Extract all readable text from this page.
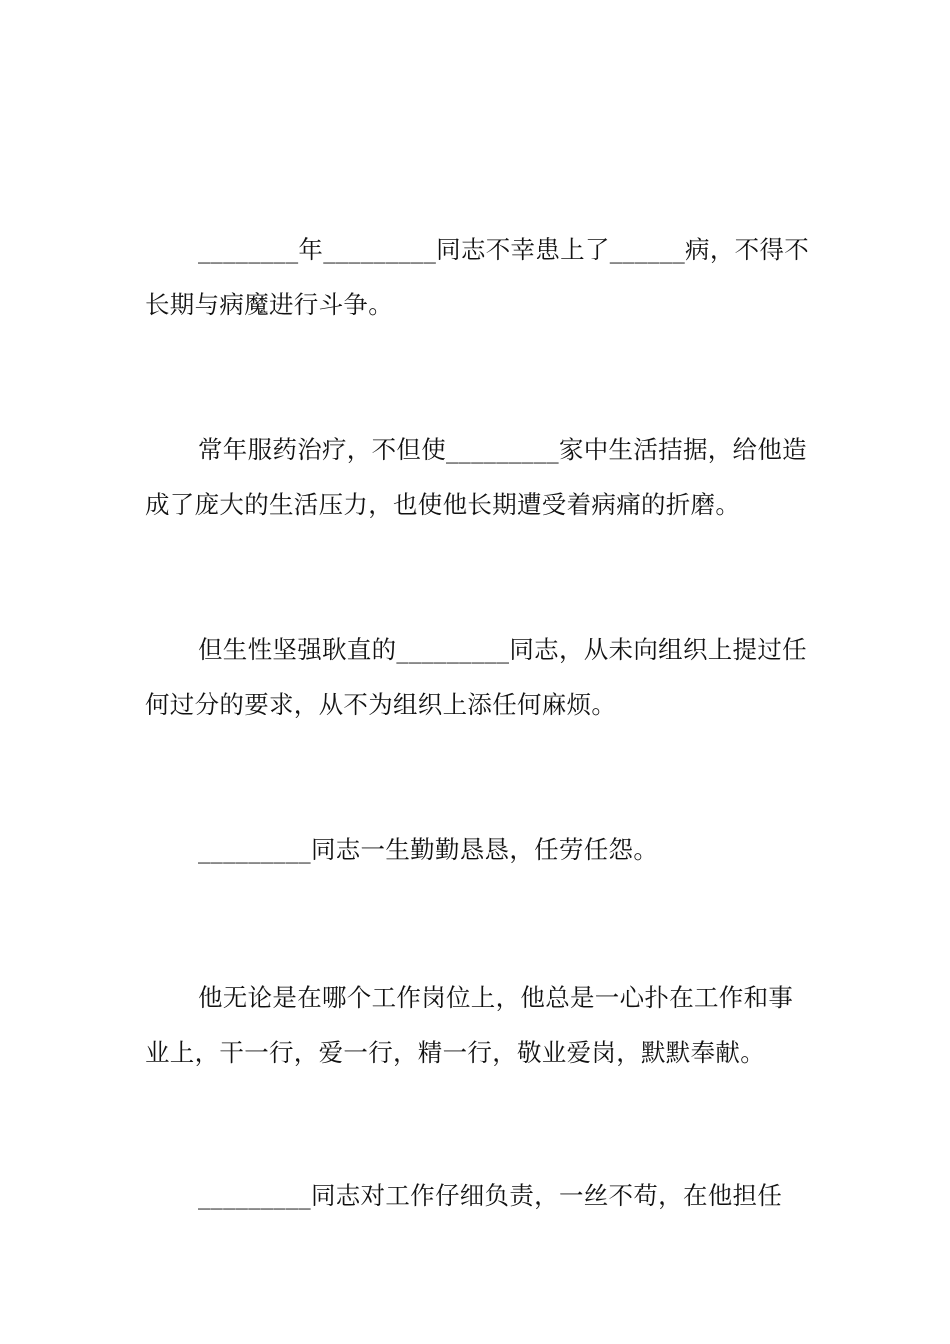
________年_________同志不幸患上了______病，不得不长期与病魔进行斗争。

常年服药治疗，不但使_________家中生活拮据，给他造成了庞大的生活压力，也使他长期遭受着病痛的折磨。

但生性坚强耿直的_________同志，从未向组织上提过任何过分的要求，从不为组织上添任何麻烦。

_________同志一生勤勤恳恳，任劳任怨。

他无论是在哪个工作岗位上，他总是一心扑在工作和事业上，干一行，爱一行，精一行，敬业爱岗，默默奉献。

_________同志对工作仔细负责，一丝不苟，在他担任
